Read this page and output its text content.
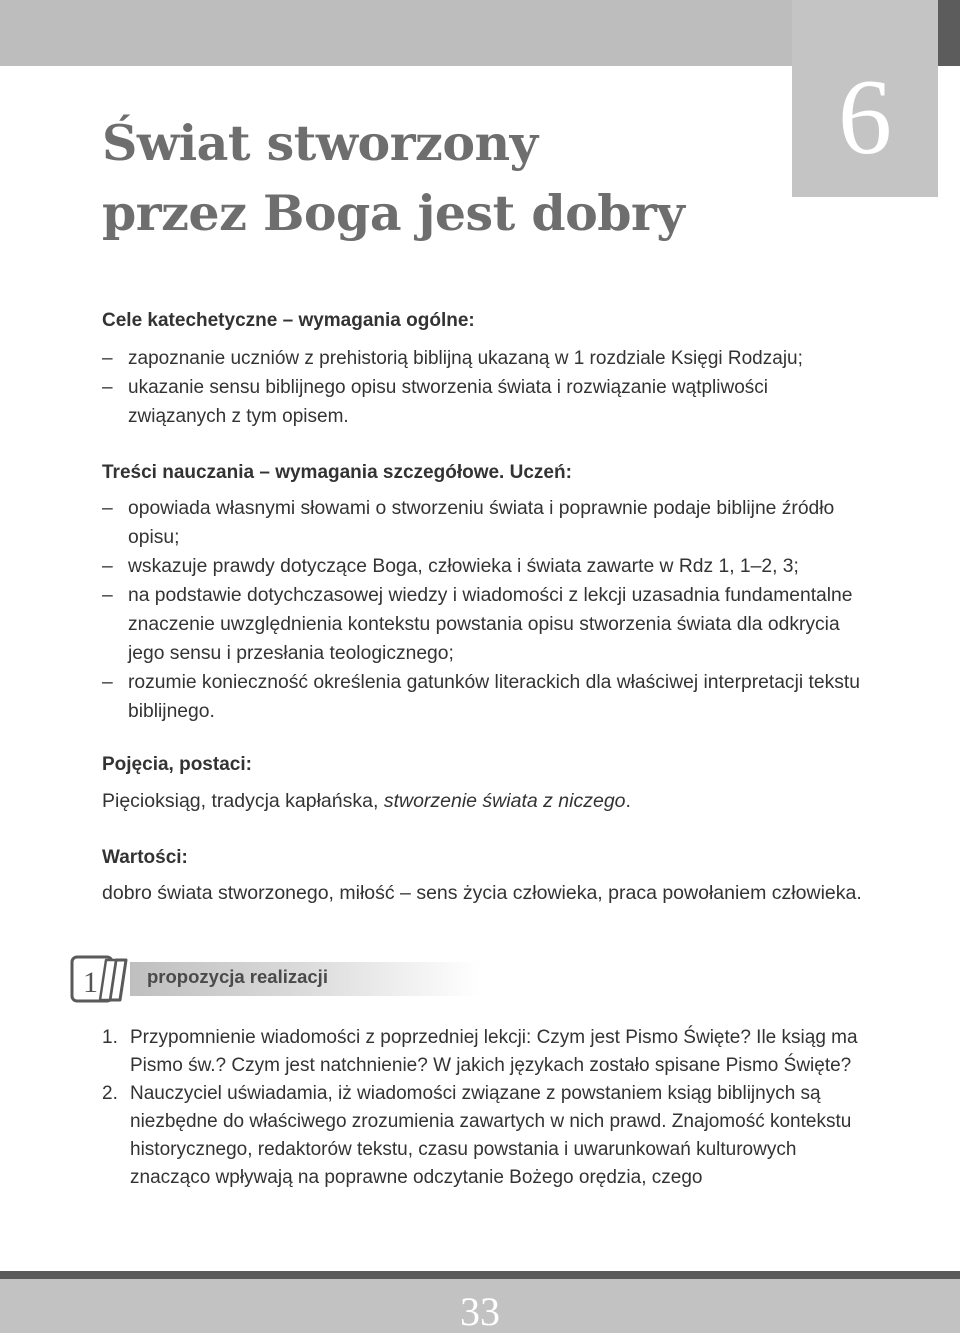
6
Świat stworzony
przez Boga jest dobry
Cele katechetyczne – wymagania ogólne:
– zapoznanie uczniów z prehistorią biblijną ukazaną w 1 rozdziale Księgi Rodzaju;
– ukazanie sensu biblijnego opisu stworzenia świata i rozwiązanie wątpliwości związanych z tym opisem.
Treści nauczania – wymagania szczegółowe. Uczeń:
– opowiada własnymi słowami o stworzeniu świata i poprawnie podaje biblijne źródło opisu;
– wskazuje prawdy dotyczące Boga, człowieka i świata zawarte w Rdz 1, 1–2, 3;
– na podstawie dotychczasowej wiedzy i wiadomości z lekcji uzasadnia fundamentalne znaczenie uwzględnienia kontekstu powstania opisu stworzenia świata dla odkrycia jego sensu i przesłania teologicznego;
– rozumie konieczność określenia gatunków literackich dla właściwej interpretacji tekstu biblijnego.
Pojęcia, postaci:

Pięcioksiąg, tradycja kapłańska, stworzenie świata z niczego.

Wartości:

dobro świata stworzonego, miłość – sens życia człowieka, praca powołaniem człowieka.

1	propozycja realizacji
1. Przypomnienie wiadomości z poprzedniej lekcji: Czym jest Pismo Święte? Ile ksiąg ma Pismo św.? Czym jest natchnienie? W jakich językach zostało spisane Pismo Święte?
2. Nauczyciel uświadamia, iż wiadomości związane z powstaniem ksiąg biblijnych są niezbędne do właściwego zrozumienia zawartych w nich prawd. Znajomość kontekstu historycznego, redaktorów tekstu, czasu powstania i uwarunkowań kulturowych znacząco wpływają na poprawne odczytanie Bożego orędzia, czego
33
